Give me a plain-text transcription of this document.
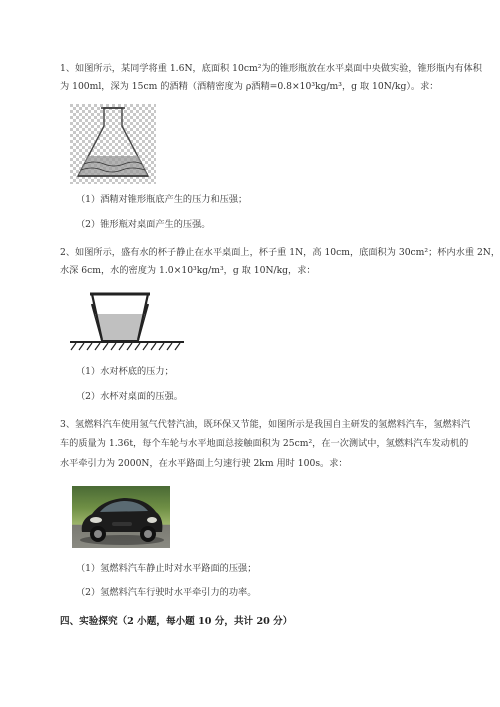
1、如图所示，某同学将重 1.6N，底面积 10cm²为的锥形瓶放在水平桌面中央做实验，锥形瓶内有体积
为 100ml，深为 15cm 的酒精（酒精密度为 ρ酒精=0.8×10³kg/m³，g 取 10N/kg）。求：
（1）酒精对锥形瓶底产生的压力和压强；
（2）锥形瓶对桌面产生的压强。
2、如图所示，盛有水的杯子静止在水平桌面上，杯子重 1N，高 10cm，底面积为 30cm²；杯内水重 2N，
水深 6cm，水的密度为 1.0×10³kg/m³，g 取 10N/kg，求：
（1）水对杯底的压力；
（2）水杯对桌面的压强。
3、氢燃料汽车使用氢气代替汽油，既环保又节能，如图所示是我国自主研发的氢燃料汽车，氢燃料汽
车的质量为 1.36t，每个车轮与水平地面总接触面积为 25cm²，在一次测试中，氢燃料汽车发动机的
水平牵引力为 2000N，在水平路面上匀速行驶 2km 用时 100s。求：
（1）氢燃料汽车静止时对水平路面的压强；
（2）氢燃料汽车行驶时水平牵引力的功率。
四、实验探究（2 小题，每小题 10 分，共计 20 分）
